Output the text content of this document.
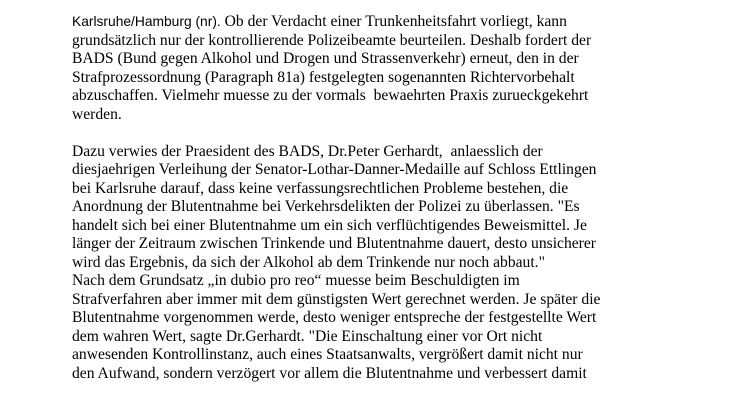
Karlsruhe/Hamburg (nr). Ob der Verdacht einer Trunkenheitsfahrt vorliegt, kann
grundsätzlich nur der kontrollierende Polizeibeamte beurteilen. Deshalb fordert der
BADS (Bund gegen Alkohol und Drogen und Strassenverkehr) erneut, den in der
Strafprozessordnung (Paragraph 81a) festgelegten sogenannten Richtervorbehalt
abzuschaffen. Vielmehr muesse zu der vormals  bewaehrten Praxis zurueckgekehrt
werden.
Dazu verwies der Praesident des BADS, Dr.Peter Gerhardt,  anlaesslich der
diesjaehrigen Verleihung der Senator-Lothar-Danner-Medaille auf Schloss Ettlingen
bei Karlsruhe darauf, dass keine verfassungsrechtlichen Probleme bestehen, die
Anordnung der Blutentnahme bei Verkehrsdelikten der Polizei zu überlassen. "Es
handelt sich bei einer Blutentnahme um ein sich verflüchtigendes Beweismittel. Je
länger der Zeitraum zwischen Trinkende und Blutentnahme dauert, desto unsicherer
wird das Ergebnis, da sich der Alkohol ab dem Trinkende nur noch abbaut."
Nach dem Grundsatz „in dubio pro reo“ muesse beim Beschuldigten im
Strafverfahren aber immer mit dem günstigsten Wert gerechnet werden. Je später die
Blutentnahme vorgenommen werde, desto weniger entspreche der festgestellte Wert
dem wahren Wert, sagte Dr.Gerhardt. "Die Einschaltung einer vor Ort nicht
anwesenden Kontrollinstanz, auch eines Staatsanwalts, vergrößert damit nicht nur
den Aufwand, sondern verzögert vor allem die Blutentnahme und verbessert damit
